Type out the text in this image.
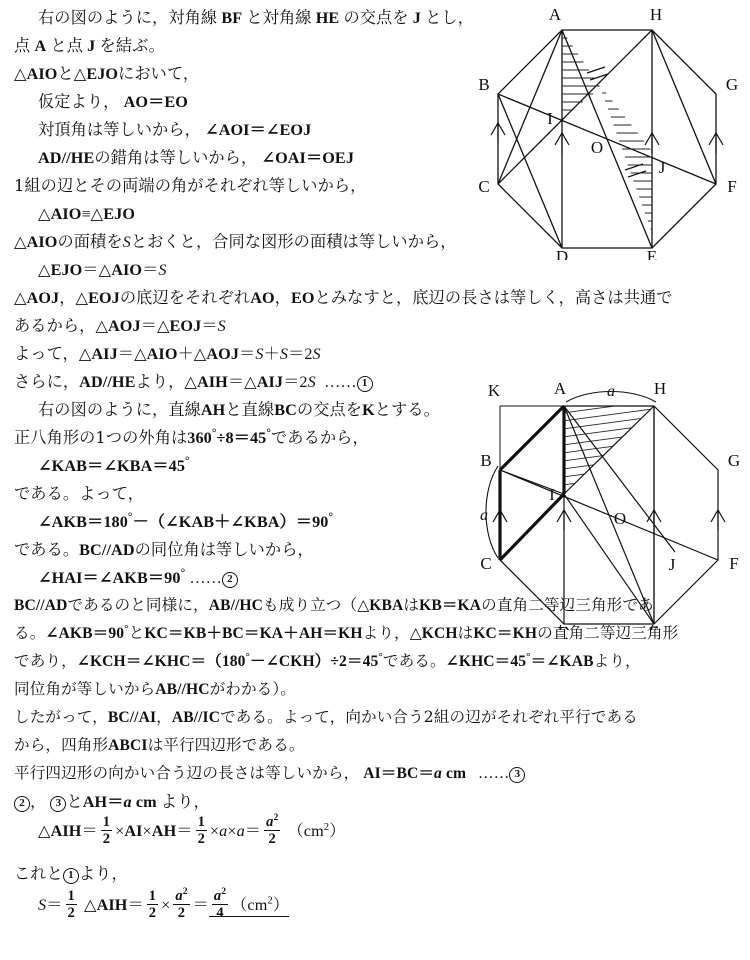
右の図のように，対角線 BF と対角線 HE の交点を J とし，
点 A と点 J を結ぶ。
△AIOと△EJOにおいて，
仮定より， AO＝EO
対頂角は等しいから， ∠AOI＝∠EOJ
AD//HEの錯角は等しいから， ∠OAI＝OEJ
1組の辺とその両端の角がそれぞれ等しいから，
△AIO≡△EJO
△AIOの面積をSとおくと，合同な図形の面積は等しいから，
△EJO＝△AIO＝S
△AOJ，△EOJの底辺をそれぞれAO，EOとみなすと，底辺の長さは等しく，高さは共通で
あるから，△AOJ＝△EOJ＝S
よって，△AIJ＝△AIO＋△AOJ＝S＋S＝2S
さらに，AD//HEより，△AIH＝△AIJ＝2S  …… 1
右の図のように，直線AHと直線BCの交点をKとする。
正八角形の1つの外角は360°÷8＝45°であるから，
∠KAB＝∠KBA＝45°
である。よって，
∠AKB＝180°－（∠KAB＋∠KBA）＝90°
である。BC//ADの同位角は等しいから，
∠HAI＝∠AKB＝90° …… 2
BC//ADであるのと同様に，AB//HCも成り立つ（△KBAはKB＝KAの直角二等辺三角形であ
る。∠AKB＝90°とKC＝KB＋BC＝KA＋AH＝KHより，△KCHはKC＝KHの直角二等辺三角形
であり，∠KCH＝∠KHC＝（180°－∠CKH）÷2＝45°である。∠KHC＝45°＝∠KABより，
同位角が等しいからAB//HCがわかる）。
したがって，BC//AI，AB//ICである。よって，向かい合う2組の辺がそれぞれ平行である
から，四角形ABCIは平行四辺形である。
平行四辺形の向かい合う辺の長さは等しいから， AI＝BC＝a cm   …… 3
2 ， 3 とAH＝a cm より，
△AIH＝ $\frac{1}{2} \times AI\times AH= \frac{1}{2} \times a\times a= \frac{a^2}{2} (cm^2)$
これと 1 より，
$S= \frac{1}{2}$ △AIH＝ $\frac{1}{2} \times \frac{a^2}{2} = \frac{a^2}{4} (cm^2)$
A	H
B	G
C	F
D	E
I
O
J
a
a
K	A	H
B	G
C	F
I
O
J
